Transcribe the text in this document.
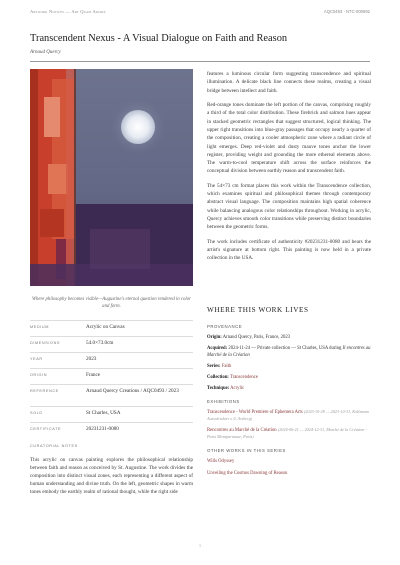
Artwork Notices — Art Quam Aroma	AQC0493 · NTC-000692
Transcendent Nexus - A Visual Dialogue on Faith and Reason
Arnaud Quercy
Where philosophy becomes visible—Augustine's eternal question rendered in color and form.
MEDIUM	Acrylic on Canvas
DIMENSIONS	54.0×73.0cm
YEAR	2023
ORIGIN	France
REFERENCE	Arnaud Quercy Creations / AQC0493 / 2023
SOLD	St Charles, USA
CERTIFICATE	20231231-0080
CURATORIAL NOTES
This acrylic on canvas painting explores the philosophical relationship between faith and reason as conceived by St. Augustine. The work divides the composition into distinct visual zones, each representing a different aspect of human understanding and divine truth. On the left, geometric shapes in warm tones embody the earthly realm of rational thought, while the right side

features a luminous circular form suggesting transcendence and spiritual illumination. A delicate black line connects these realms, creating a visual bridge between intellect and faith.

Red-orange tones dominate the left portion of the canvas, comprising roughly a third of the total color distribution. These firebrick and salmon hues appear in stacked geometric rectangles that suggest structured, logical thinking. The upper right transitions into blue-gray passages that occupy nearly a quarter of the composition, creating a cooler atmospheric zone where a radiant circle of light emerges. Deep red-violet and dusty mauve tones anchor the lower register, providing weight and grounding the more ethereal elements above. The warm-to-cool temperature shift across the surface reinforces the conceptual division between earthly reason and transcendent faith.

The 54×73 cm format places this work within the Transcendence collection, which examines spiritual and philosophical themes through contemporary abstract visual language. The composition maintains high spatial coherence while balancing analogous color relationships throughout. Working in acrylic, Quercy achieves smooth color transitions while preserving distinct boundaries between the geometric forms.

The work includes certificate of authenticity #20231231-0080 and bears the artist's signature at bottom right. This painting is now held in a private collection in the USA.

WHERE THIS WORK LIVES
PROVENANCE
Origin: Arnaud Quercy, Paris, France, 2023
Acquired: 2024-11-24 — Private collection — St Charles, USA during Il encontres au Marché de la Création
Series: Faith
Collection: Transcendence
Technique: Acrylic
EXHIBITIONS
Transcendence - World Premiere of Ephemera Arts (2023-10-29 — 2023-10-31, Kollmann Auswärtsbier s /L Arsberg)
Rencontres au Marché de la Création (2024-06-21 — 2024-12-31, Marché de la Création - Paris Montparnasse, Paris)
OTHER WORKS IN THIS SERIES
Wills Odyssey
Unveiling the Cosmos Dawning of Reason
1
